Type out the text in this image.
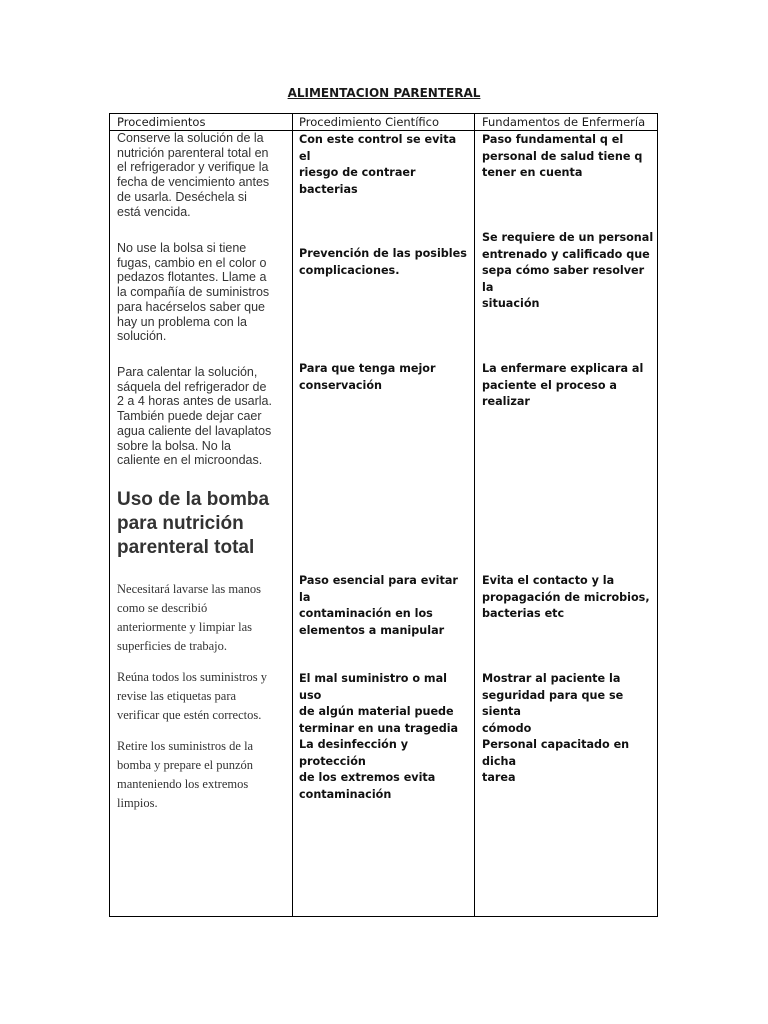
ALIMENTACION PARENTERAL
Procedimientos	Procedimiento Científico	Fundamentos de Enfermería
Conserve la solución de la
nutrición parenteral total en
el refrigerador y verifique la
fecha de vencimiento antes
de usarla. Deséchela si
está vencida.
No use la bolsa si tiene
fugas, cambio en el color o
pedazos flotantes. Llame a
la compañía de suministros
para hacérselos saber que
hay un problema con la
solución.
Para calentar la solución,
sáquela del refrigerador de
2 a 4 horas antes de usarla.
También puede dejar caer
agua caliente del lavaplatos
sobre la bolsa. No la
caliente en el microondas.
Uso de la bomba
para nutrición
parenteral total
Necesitará lavarse las manos
como se describió
anteriormente y limpiar las
superficies de trabajo.
Reúna todos los suministros y
revise las etiquetas para
verificar que estén correctos.
Retire los suministros de la
bomba y prepare el punzón
manteniendo los extremos
limpios.
Con este control se evita el
riesgo de contraer bacterias
Prevención de las posibles
complicaciones.
Para que tenga mejor
conservación
Paso esencial para evitar la
contaminación en los
elementos a manipular
El mal suministro o mal uso
de algún material puede
terminar en una tragedia
La desinfección y protección
de los extremos evita
contaminación
Paso fundamental q el
personal de salud tiene q
tener en cuenta
Se requiere de un personal
entrenado y calificado que
sepa cómo saber resolver la
situación
La enfermare explicara al
paciente el proceso a realizar
Evita el contacto y la
propagación de microbios,
bacterias etc
Mostrar al paciente la
seguridad para que se sienta
cómodo
Personal capacitado en dicha
tarea
